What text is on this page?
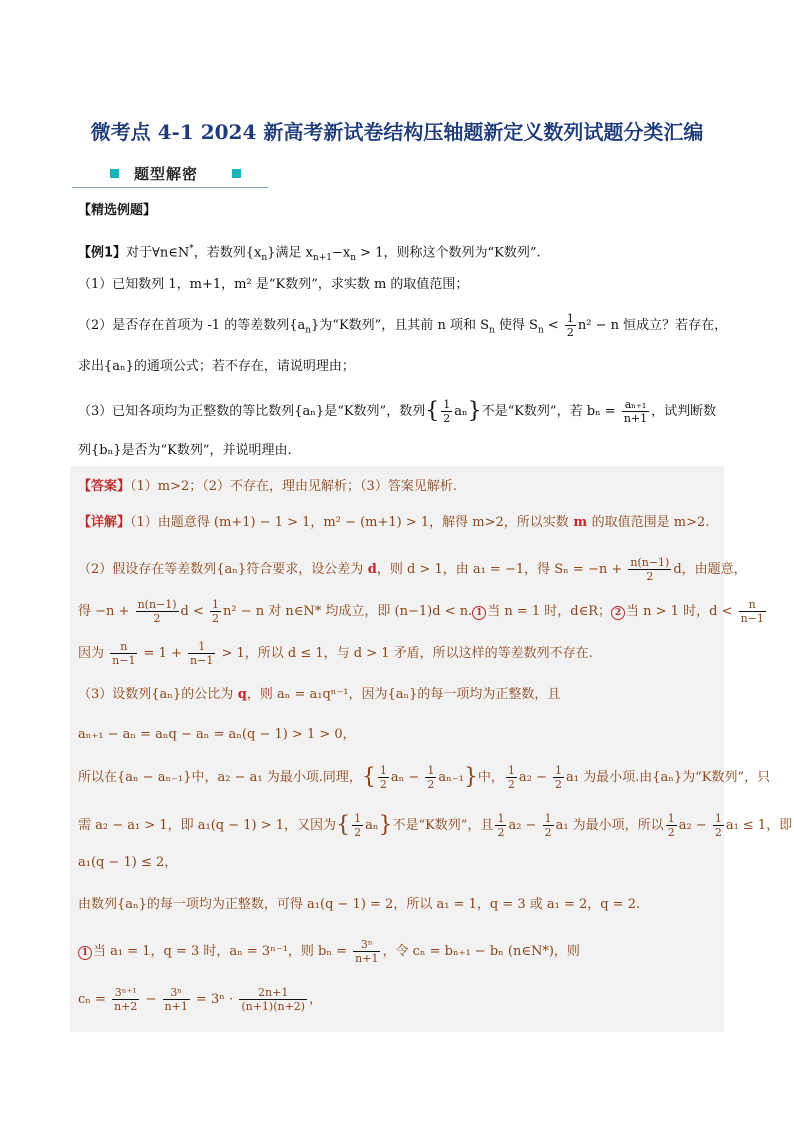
微考点 4-1 2024 新高考新试卷结构压轴题新定义数列试题分类汇编
题型解密
【精选例题】
【例1】对于∀n∈N*，若数列$\{x_n\}$满足 $x_{n+1}-x_n > 1$，则称这个数列为“K数列”.
（1）已知数列 1，m+1，m² 是“K数列”，求实数 m 的取值范围；
（2）是否存在首项为 -1 的等差数列$\{a_n\}$为“K数列”，且其前 n 项和 $S_n$ 使得 $S_n < \frac{1}{2} n^2 - n$ 恒成立？若存在，
求出{aₙ}的通项公式；若不存在，请说明理由；
（3）已知各项均为正整数的等比数列{aₙ}是“K数列”，数列{ $\frac{1}{2} a_n$}不是“K数列”，若 $b_n = \frac{\text{aₙ₊₁}}{n+1}$ ，试判断数
列{bₙ}是否为“K数列”，并说明理由.
【答案】（1）m>2；（2）不存在，理由见解析；（3）答案见解析.
【详解】（1）由题意得 (m+1) − 1 > 1，m² − (m+1) > 1，解得 m>2，所以实数 m 的取值范围是 m>2.
（2）假设存在等差数列{aₙ}符合要求，设公差为 d，则 d > 1，由 a₁ = −1，得 $S_n = -n + \frac{n(n-1)}{2}$ d，由题意，
得 $-n + \frac{n(n-1)}{2}$ $d < \frac{1}{2} n^2 - n$ 对 n∈N* 均成立，即 (n−1)d < n. 1 当 n = 1 时，d∈R； 2 当 n > 1 时，$d < \frac{n}{n-1}$
因为 $\frac{n}{n-1} = 1 + \frac{1}{n-1} > 1$，所以 d ≤ 1，与 d > 1 矛盾，所以这样的等差数列不存在.
（3）设数列{aₙ}的公比为 q，则 aₙ = a₁qⁿ⁻¹，因为{aₙ}的每一项均为正整数，且
aₙ₊₁ − aₙ = aₙq − aₙ = aₙ(q − 1) > 1 > 0，
所以在{aₙ − aₙ₋₁}中，a₂ − a₁ 为最小项.同理，{ $\frac{1}{2}$ $a_n - \frac{1}{2} a_{n-1}$}中， $\frac{1}{2} a_2 - \frac{1}{2} a_1$ 为最小项.由{aₙ}为“K数列”，只
需 a₂ − a₁ > 1，即 a₁(q − 1) > 1，又因为{ $\frac{1}{2} a_n$}不是“K数列”，且 $\frac{1}{2} a_2 - \frac{1}{2} a_1$ 为最小项，所以 $\frac{1}{2} a_2 - \frac{1}{2} a_1 \le 1$，即
a₁(q − 1) ≤ 2，
由数列{aₙ}的每一项均为正整数，可得 a₁(q − 1) = 2，所以 a₁ = 1，q = 3 或 a₁ = 2，q = 2.
1 当 a₁ = 1，q = 3 时，aₙ = 3ⁿ⁻¹，则 $b_n = \frac{\text{3ⁿ}}{n+1}$ ，令 cₙ = bₙ₊₁ − bₙ (n∈N*)，则
$c_n = \frac{\text{3ⁿ⁺¹}}{n+2} - \frac{\text{3ⁿ}}{n+1} = 3^n \cdot \frac{2n+1}{(n+1)(n+2)}$ ，
